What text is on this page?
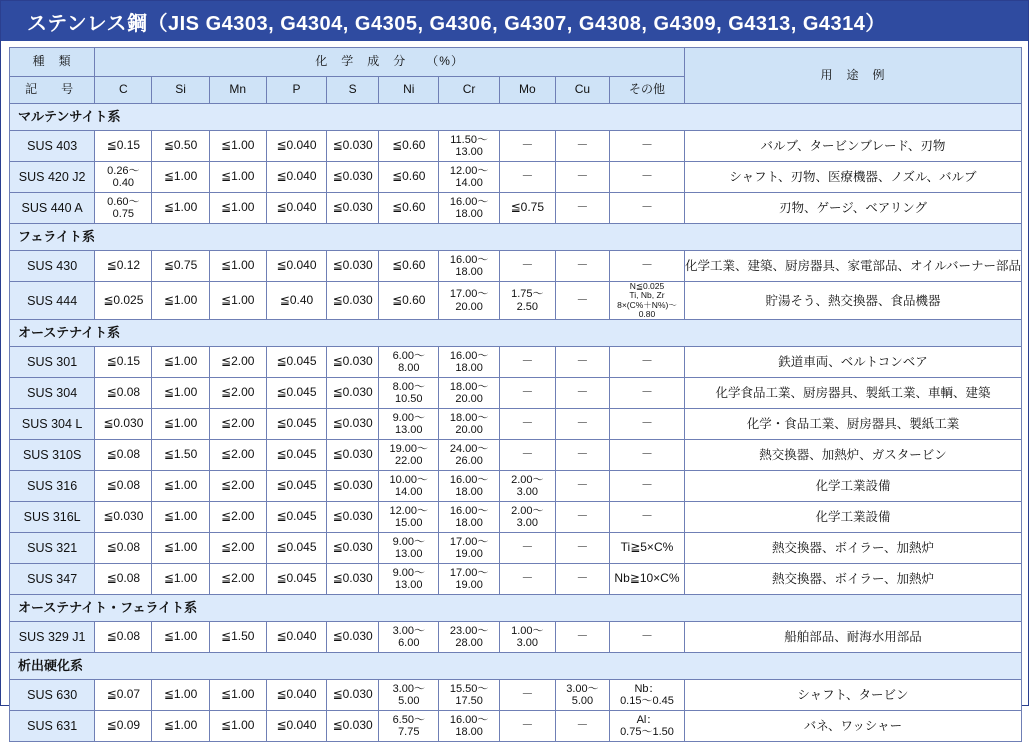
ステンレス鋼（JIS G4303, G4304, G4305, G4306, G4307, G4308, G4309, G4313, G4314）
種　類	化　学　成　分　　（%）										用　途　例
記　号	C	Si	Mn	P	S	Ni	Cr	Mo	Cu	その他	
マルテンサイト系											
SUS 403	≦0.15	≦0.50	≦1.00	≦0.040	≦0.030	≦0.60	11.50～
13.00	－	－	－	バルブ、タービンブレード、刃物
SUS 420 J2	0.26～
0.40	≦1.00	≦1.00	≦0.040	≦0.030	≦0.60	12.00～
14.00	－	－	－	シャフト、刃物、医療機器、ノズル、バルブ
SUS 440 A	0.60～
0.75	≦1.00	≦1.00	≦0.040	≦0.030	≦0.60	16.00～
18.00	≦0.75	－	－	刃物、ゲージ、ベアリング
フェライト系											
SUS 430	≦0.12	≦0.75	≦1.00	≦0.040	≦0.030	≦0.60	16.00～
18.00	－	－	－	化学工業、建築、厨房器具、家電部品、オイルバーナー部品
SUS 444	≦0.025	≦1.00	≦1.00	≦0.40	≦0.030	≦0.60	17.00～
20.00	1.75～
2.50	－	N≦0.025
Ti, Nb, Zr
8×(C%＋N%)～0.80	貯湯そう、熱交換器、食品機器
オーステナイト系											
SUS 301	≦0.15	≦1.00	≦2.00	≦0.045	≦0.030	6.00～
8.00	16.00～
18.00	－	－	－	鉄道車両、ベルトコンベア
SUS 304	≦0.08	≦1.00	≦2.00	≦0.045	≦0.030	8.00～
10.50	18.00～
20.00	－	－	－	化学食品工業、厨房器具、製紙工業、車輌、建築
SUS 304 L	≦0.030	≦1.00	≦2.00	≦0.045	≦0.030	9.00～
13.00	18.00～
20.00	－	－	－	化学・食品工業、厨房器具、製紙工業
SUS 310S	≦0.08	≦1.50	≦2.00	≦0.045	≦0.030	19.00～
22.00	24.00～
26.00	－	－	－	熱交換器、加熱炉、ガスタービン
SUS 316	≦0.08	≦1.00	≦2.00	≦0.045	≦0.030	10.00～
14.00	16.00～
18.00	2.00～
3.00	－	－	化学工業設備
SUS 316L	≦0.030	≦1.00	≦2.00	≦0.045	≦0.030	12.00～
15.00	16.00～
18.00	2.00～
3.00	－	－	化学工業設備
SUS 321	≦0.08	≦1.00	≦2.00	≦0.045	≦0.030	9.00～
13.00	17.00～
19.00	－	－	Ti≧5×C%	熱交換器、ボイラー、加熱炉
SUS 347	≦0.08	≦1.00	≦2.00	≦0.045	≦0.030	9.00～
13.00	17.00～
19.00	－	－	Nb≧10×C%	熱交換器、ボイラー、加熱炉
オーステナイト・フェライト系											
SUS 329 J1	≦0.08	≦1.00	≦1.50	≦0.040	≦0.030	3.00～
6.00	23.00～
28.00	1.00～
3.00	－	－	船舶部品、耐海水用部品
析出硬化系											
SUS 630	≦0.07	≦1.00	≦1.00	≦0.040	≦0.030	3.00～
5.00	15.50～
17.50	－	3.00～
5.00	Nb：
0.15～0.45	シャフト、タービン
SUS 631	≦0.09	≦1.00	≦1.00	≦0.040	≦0.030	6.50～
7.75	16.00～
18.00	－	－	Al：
0.75～1.50	バネ、ワッシャー
